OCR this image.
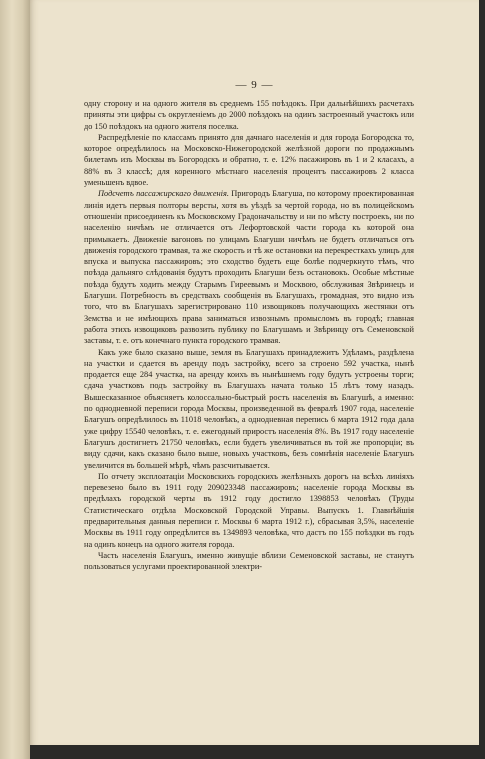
— 9 —

одну сторону и на одного жителя въ среднемъ 155 поѣздокъ. При дальнѣйшихъ расчетахъ приняты эти цифры съ округленіемъ до 2000 поѣздокъ на одинъ застроенный участокъ или до 150 поѣздокъ на одного жителя поселка.

Распредѣленіе по классамъ принято для дачнаго населенія и для города Богородска то, которое опредѣлилось на Московско-Нижегородской желѣзной дороги по продажнымъ билетамъ изъ Москвы въ Богородскъ и обратно, т. е. 12% пасажировъ въ 1 и 2 класахъ, а 88% въ 3 классѣ; для коренного мѣстнаго населенія процентъ пассажировъ 2 класса уменьшенъ вдвое.

Подсчетъ пассажирскаго движенія. Пригородъ Благуша, по которому проектированная линія идетъ первыя полторы версты, хотя въ уѣздѣ за чертой города, но въ полицейскомъ отношеніи присоединенъ къ Московскому Градоначальству и ни по мѣсту построекъ, ни по населенію ничѣмъ не отличается отъ Лефортовской части города къ которой она примыкаетъ. Движеніе вагоновъ по улицамъ Благуши ничѣмъ не будетъ отличаться отъ движенія городского трамвая, та же скорость и тѣ же остановки на перекресткахъ улицъ для впуска и выпуска пассажировъ; это сходство будетъ еще болѣе подчеркнуто тѣмъ, что поѣзда дальняго слѣдованія будутъ проходить Благуши безъ остановокъ. Особые мѣстные поѣзда будутъ ходить между Старымъ Гиреевымъ и Москвою, обслуживая Звѣринецъ и Благуши. Потребность въ средствахъ сообщенія въ Благушахъ, громадная, это видно изъ того, что въ Благушахъ зарегистрировано 110 извощиковъ получающихъ жестянки отъ Земства и не имѣющихъ права заниматься извознымъ промысломъ въ городѣ; главная работа этихъ извощиковъ развозить публику по Благушамъ и Звѣринцу отъ Семеновской заставы, т. е. отъ конечнаго пункта городского трамвая.

Какъ уже было сказано выше, земля въ Благушахъ принадлежитъ Удѣламъ, раздѣлена на участки и сдается въ аренду подъ застройку, всего за строено 592 участка, нынѣ продается еще 284 участка, на аренду коихъ въ нынѣшнемъ году будутъ устроены торги; сдача участковъ подъ застройку въ Благушахъ начата только 15 лѣтъ тому назадъ. Вышесказанное объясняетъ колоссально-быстрый ростъ населенія въ Благушѣ, а именно: по однодневной переписи города Москвы, произведенной въ февралѣ 1907 года, населеніе Благушъ опредѣлилось въ 11018 человѣкъ, а однодневная перепись 6 марта 1912 года дала уже цифру 15540 человѣкъ, т. е. ежегодный приростъ населенія 8%. Въ 1917 году населеніе Благушъ достигнетъ 21750 человѣкъ, если будетъ увеличиваться въ той же пропорціи; въ виду сдачи, какъ сказано было выше, новыхъ участковъ, безъ сомнѣнія населеніе Благушъ увеличится въ большей мѣрѣ, чѣмъ разсчитывается.

По отчету эксплоатаціи Московскихъ городскихъ желѣзныхъ дорогъ на всѣхъ линіяхъ перевезено было въ 1911 году 209023348 пассажировъ; населеніе города Москвы въ предѣлахъ городской черты въ 1912 году достигло 1398853 человѣкъ (Труды Статистическаго отдѣла Московской Городской Управы. Выпускъ 1. Главнѣйшія предварительныя данныя переписи г. Москвы 6 марта 1912 г.), сбрасывая 3,5%, населеніе Москвы въ 1911 году опредѣлится въ 1349893 человѣка, что дастъ по 155 поѣздки въ годъ на одинъ конецъ на одного жителя города.

Часть населенія Благушъ, именно живущіе вблизи Семеновской заставы, не станутъ пользоваться услугами проектированной электри-
